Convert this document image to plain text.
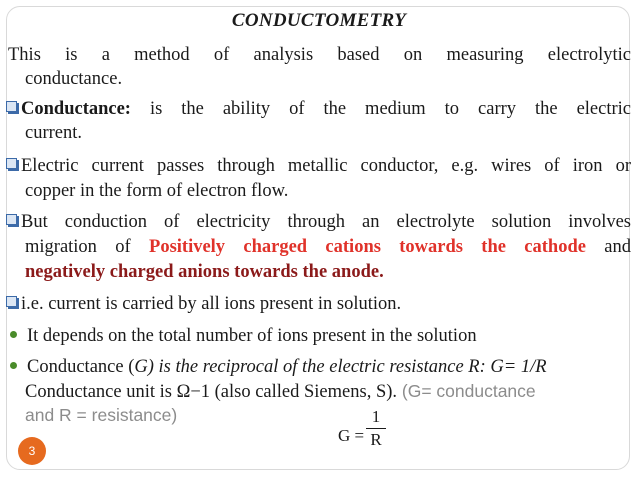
CONDUCTOMETRY
This is a method of analysis based on measuring electrolytic
conductance.
Conductance: is the ability of the medium to carry the electric
current.
Electric current passes through metallic conductor, e.g. wires of iron or
copper in the form of electron flow.
But conduction of electricity through an electrolyte solution involves
migration of Positively charged cations towards the cathode and
negatively charged anions towards the anode.
i.e. current is carried by all ions present in solution.
It depends on the total number of ions present in the solution
Conductance (G) is the reciprocal of the electric resistance R: G= 1/R
Conductance unit is Ω−1 (also called Siemens, S). (G= conductance
and R = resistance)
G =
1
R
3
